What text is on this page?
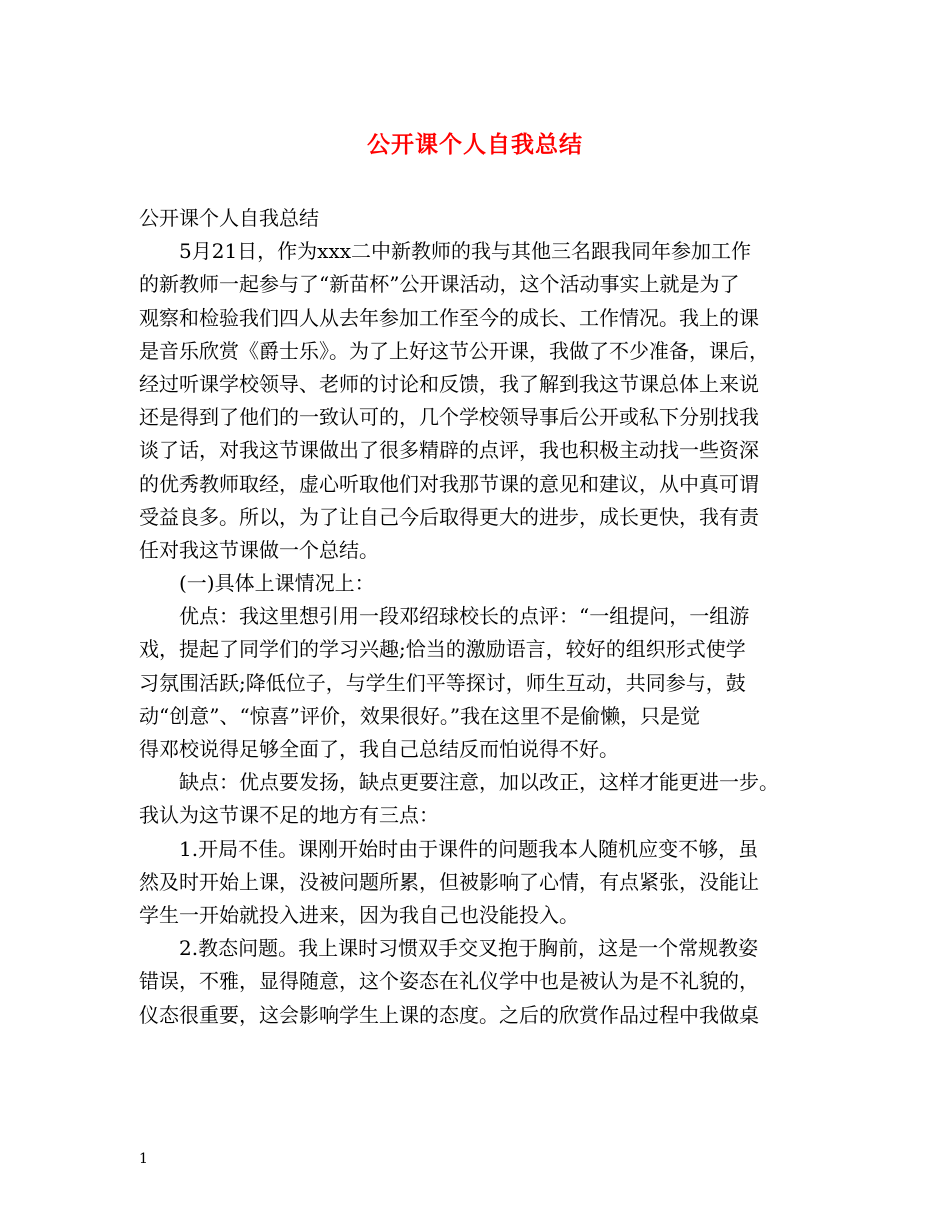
公开课个人自我总结
公开课个人自我总结
　　5月21日，作为xxx二中新教师的我与其他三名跟我同年参加工作
的新教师一起参与了“新苗杯”公开课活动，这个活动事实上就是为了
观察和检验我们四人从去年参加工作至今的成长、工作情况。我上的课
是音乐欣赏《爵士乐》。为了上好这节公开课，我做了不少准备，课后，
经过听课学校领导、老师的讨论和反馈，我了解到我这节课总体上来说
还是得到了他们的一致认可的，几个学校领导事后公开或私下分别找我
谈了话，对我这节课做出了很多精辟的点评，我也积极主动找一些资深
的优秀教师取经，虚心听取他们对我那节课的意见和建议，从中真可谓
受益良多。所以，为了让自己今后取得更大的进步，成长更快，我有责
任对我这节课做一个总结。
　　(一)具体上课情况上：
　　优点：我这里想引用一段邓绍球校长的点评：“一组提问，一组游
戏，提起了同学们的学习兴趣;恰当的激励语言，较好的组织形式使学
习氛围活跃;降低位子，与学生们平等探讨，师生互动，共同参与，鼓
动“创意”、“惊喜”评价，效果很好。”我在这里不是偷懒，只是觉
得邓校说得足够全面了，我自己总结反而怕说得不好。
　　缺点：优点要发扬，缺点更要注意，加以改正，这样才能更进一步。
我认为这节课不足的地方有三点：
　　1.开局不佳。课刚开始时由于课件的问题我本人随机应变不够，虽
然及时开始上课，没被问题所累，但被影响了心情，有点紧张，没能让
学生一开始就投入进来，因为我自己也没能投入。
　　2.教态问题。我上课时习惯双手交叉抱于胸前，这是一个常规教姿
错误，不雅，显得随意，这个姿态在礼仪学中也是被认为是不礼貌的，
仪态很重要，这会影响学生上课的态度。之后的欣赏作品过程中我做桌
1
